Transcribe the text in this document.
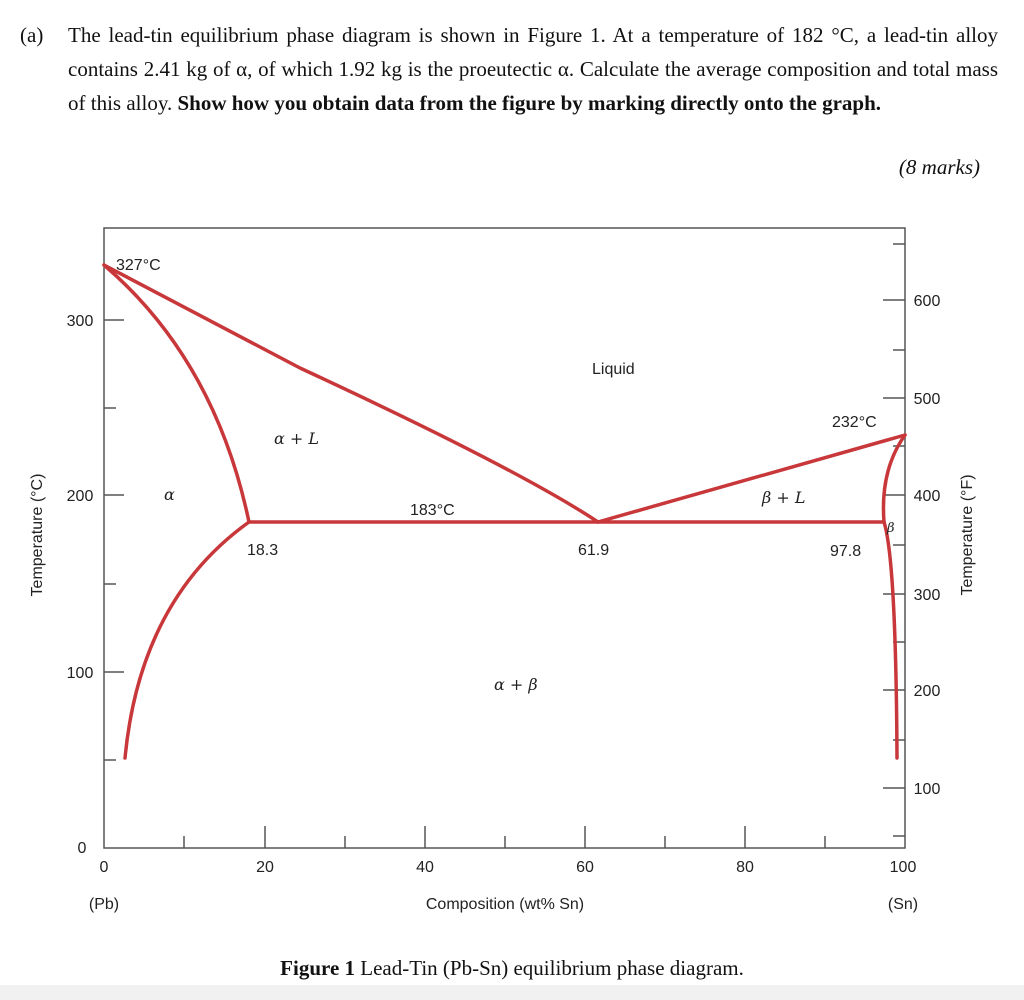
(a) The lead-tin equilibrium phase diagram is shown in Figure 1. At a temperature of 182 °C, a lead-tin alloy contains 2.41 kg of α, of which 1.92 kg is the proeutectic α. Calculate the average composition and total mass of this alloy. Show how you obtain data from the figure by marking directly onto the graph.
(8 marks)
0
100
200
300
100
200
300
400
500
600
0	20	40	60	80	100
(Pb)	(Sn)
Composition (wt% Sn)
Temperature (°C)	Temperature (°F)
327°C
232°C
183°C
18.3	61.9	97.8
Liquid
α + L
α	β + L
β
α + β
Figure 1 Lead-Tin (Pb-Sn) equilibrium phase diagram.
